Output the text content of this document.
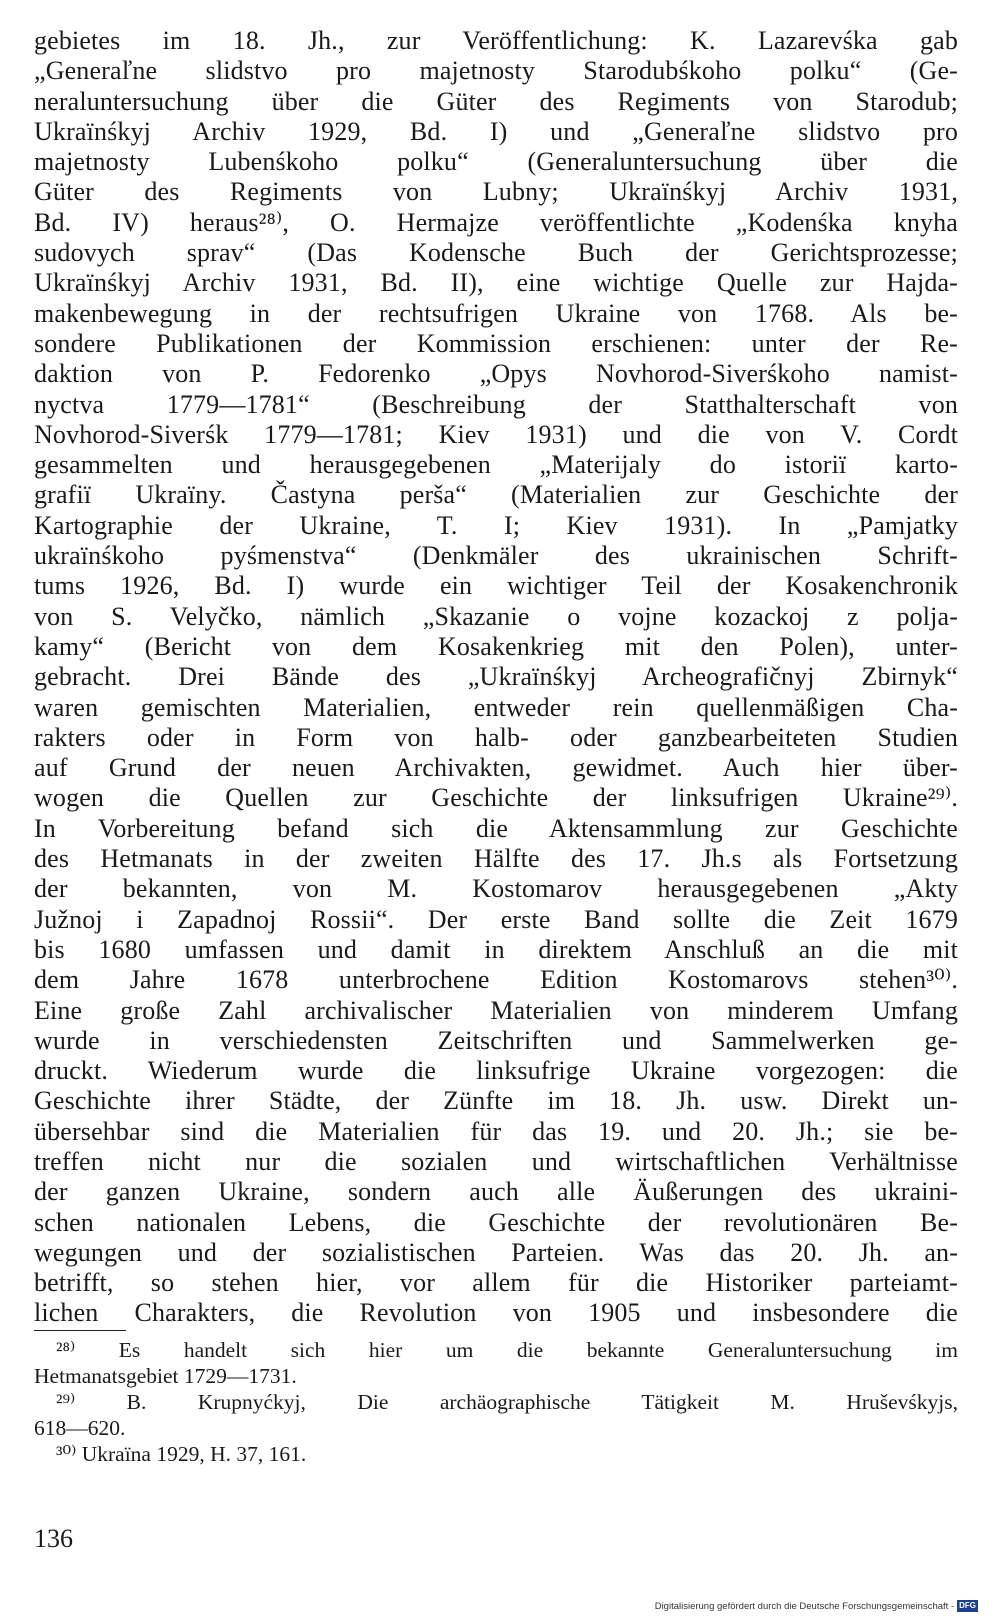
gebietes im 18. Jh., zur Veröffentlichung: K. Lazarevśka gab
„Generaľne slidstvo pro majetnosty Starodubśkoho polku“ (Ge-
neraluntersuchung über die Güter des Regiments von Starodub;
Ukraïnśkyj Archiv 1929, Bd. I) und „Generaľne slidstvo pro
majetnosty Lubenśkoho polku“ (Generaluntersuchung über die
Güter des Regiments von Lubny; Ukraïnśkyj Archiv 1931,
Bd. IV) heraus²⁸⁾, O. Hermajze veröffentlichte „Kodenśka knyha
sudovych sprav“ (Das Kodensche Buch der Gerichtsprozesse;
Ukraïnśkyj Archiv 1931, Bd. II), eine wichtige Quelle zur Hajda-
makenbewegung in der rechtsufrigen Ukraine von 1768. Als be-
sondere Publikationen der Kommission erschienen: unter der Re-
daktion von P. Fedorenko „Opys Novhorod-Siverśkoho namist-
nyctva 1779—1781“ (Beschreibung der Statthalterschaft von
Novhorod-Siverśk 1779—1781; Kiev 1931) und die von V. Cordt
gesammelten und herausgegebenen „Materijaly do istoriï karto-
grafiï Ukraïny. Častyna perša“ (Materialien zur Geschichte der
Kartographie der Ukraine, T. I; Kiev 1931). In „Pamjatky
ukraïnśkoho pyśmenstva“ (Denkmäler des ukrainischen Schrift-
tums 1926, Bd. I) wurde ein wichtiger Teil der Kosakenchronik
von S. Velyčko, nämlich „Skazanie o vojne kozackoj z polja-
kamy“ (Bericht von dem Kosakenkrieg mit den Polen), unter-
gebracht. Drei Bände des „Ukraïnśkyj Archeografičnyj Zbirnyk“
waren gemischten Materialien, entweder rein quellenmäßigen Cha-
rakters oder in Form von halb- oder ganzbearbeiteten Studien
auf Grund der neuen Archivakten, gewidmet. Auch hier über-
wogen die Quellen zur Geschichte der linksufrigen Ukraine²⁹⁾.
In Vorbereitung befand sich die Aktensammlung zur Geschichte
des Hetmanats in der zweiten Hälfte des 17. Jh.s als Fortsetzung
der bekannten, von M. Kostomarov herausgegebenen „Akty
Južnoj i Zapadnoj Rossii“. Der erste Band sollte die Zeit 1679
bis 1680 umfassen und damit in direktem Anschluß an die mit
dem Jahre 1678 unterbrochene Edition Kostomarovs stehen³⁰⁾.
Eine große Zahl archivalischer Materialien von minderem Umfang
wurde in verschiedensten Zeitschriften und Sammelwerken ge-
druckt. Wiederum wurde die linksufrige Ukraine vorgezogen: die
Geschichte ihrer Städte, der Zünfte im 18. Jh. usw. Direkt un-
übersehbar sind die Materialien für das 19. und 20. Jh.; sie be-
treffen nicht nur die sozialen und wirtschaftlichen Verhältnisse
der ganzen Ukraine, sondern auch alle Äußerungen des ukraini-
schen nationalen Lebens, die Geschichte der revolutionären Be-
wegungen und der sozialistischen Parteien. Was das 20. Jh. an-
betrifft, so stehen hier, vor allem für die Historiker parteiamt-
lichen Charakters, die Revolution von 1905 und insbesondere die
²⁸⁾ Es handelt sich hier um die bekannte Generaluntersuchung im
Hetmanatsgebiet 1729—1731.
²⁹⁾ B. Krupnyćkyj, Die archäographische Tätigkeit M. Hruševśkyjs,
618—620.
³⁰⁾ Ukraïna 1929, H. 37, 161.
136
Digitalisierung gefördert durch die Deutsche Forschungsgemeinschaft - DFG
